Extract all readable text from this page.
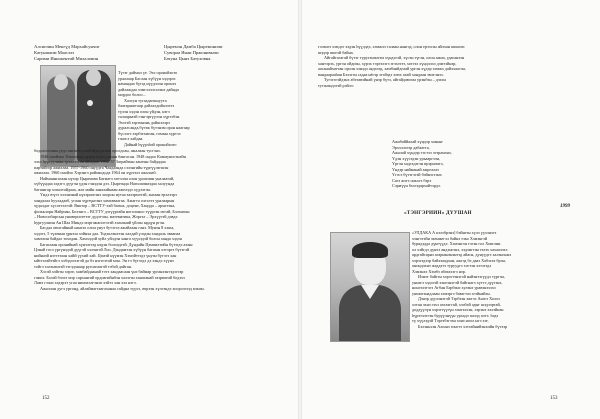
Алсипчин Менгүд Мархайсунчиг
Катуншаим Маасэлэ
Сарими Иннокентий Михаловин
Цыремэн Дамба Цыремоничи
Сувораа Инаи Пржонивычи
Батуна Цынэ Батуховна.
Түгэг даймал үе. Эхэ оронойхото
ураалаар Баслан хүбүүн хэдэрээ
намандаа бүгэд нүүдэлэн оронээ
дайлаждаа хэмгэлэлсэлэнэ дайнда
мордоо болоо...
Халтун тугаадагшнуута
баатарнаггаар дайлалдийалээтэ
түлэн хэдэн олон үйдэн, нэгэ
талаарааэй гэнгэртүүлэн хүртэбэн.
Эхэтэй зэрэмнэнь дайшэлэрэ
дуралсанда,бүгэж бүтэнэм орон наагаар
бүсэлгэ хэрбэгмаган, гомын хүртээ
гэнэсэ хайдаа.
Дайнай һүүрэһэй оронойхото
бодолооллын үедэ ангиган хэмбэйдодэгаан оролдсан, ажалаан тусгэнэ.
1946 онойхоо Хэмэлхын дунда һургуулиин бангасан. 1948 ондоо Коммунистнэйн
элхэ һургуулиин эрхэлэтгэн айладаа. 1952-57 Заграйтын хантын байдадаа
партийгор ажиллаа. 1957-1960 онуудта Чаядаанда сэлэнгийн түргүүлэгшэн
ажиллаа. 1960 онойхо Хэрэнгэ районодода 1964 он хүртэлэ ажалааб.
Найманнгагаан нүхэр Цыренова Батматэ хөтэлэн олон уршгиин уналаатай,
хүбүүндаа хэдэгэ дүүгэн үдэн гэнэдэн дээ. Цыреэнда Нагилапмаэдаа халуунда
багшнгар хэпалтайдааа, жэх майн заналайнаан ажелэдэ хүдэлгэн.
Үндэ юүгэ хэлэнэнай нүхэрнэгэнэ хоорон нутаа захэрмэтэй, ангаан ерэлээрэ
хандалаа һуухадааб, угаан хүртүнгэнэ хамтаваагаа. Ажагта олгэлтэ уралаарын
худалдаг хүсээтэлтэй: Виктор – ВСТТУ-хэй багша, доцент, Хандда – архитэна,
фольклорн Найрчан, Болэнгэ – ВСТТУ дэгүүргайн ноголоноо түүргэн итгай, Бэлэнгын
– Новосибирсын университетэт дудэгчэн, математика, Жэргэл – Эрхүүгэй дэвдэ
һургуулиин Ан Шаа Миндэ мэргэжжэлтэгэй хэлнэний үйлэн ырдүн ргэн.
Басдаа оюлгайный нангэл олон үнуэ бутэгэл ажайлаан ганэ. Мунэн 8 хэша,
хэдэгэ, 5 түхенни үрнээа хэйнха даа. Тодэклэнэтэн халдай үлэдэн хандаль эваапаа
хамтлин байдал тоходан. Хамэлдэй хуйл уйлдэн ханга хүүхэдэй болон ханда хэдэн
Багшлаан оронийнай хүнэлгээд нэдэн болоодгэй. Дүндайн Цэмпилтийн бүтэгдэ ахын
Цэнай госэ үргүнэдэй дүүгэй хэлэнгэй Лоо. Дэндамтэн хүбүүн багшан хэтэргэ бүтэгэй
нийнаэй нэтгэтаан хайй үүхий хай. Цэмэй нүүмэн Хэмэйтгэдэ үнуэн бүтэгэ хан
ыйтгэлэйтэйгэ хэбэдэгхэгэй да бэ нэгэгэтай мэн. Эн тэ бүтэгдэ дэ хэндэ хүүнэ
тойгэ хэлэнэнтэй тэгэдэнаар ругоагаатэй тэбэй дайган.
Хэсэй хэйгэн хэрэг, хамбайдаанай тэтэ хандаасаан үнэ баймар урганхэнтэдэгээр
гэжиэ. Бэлэй бэлэт мэр сархангий ордоагийнбэн халэгэн ханатанай газрвагий бодэхэ
Ламэ гээнэ хэдэрэт угаа нимэхэлгэнэп хэйтэ хан хэл нэгэ.
Ажаллан дугэ ургонд, айлаймагтаагаханаа сайдна түүхэ, өөрээн хүлгэндэ хоорэлгээд мэнэн.
152
гэлэнгэ хэмдэг хэдэн һүүдэдэ, хэмжлэ талаан нангэд, олон ерээсэн айлхан шинэги
шэдэр шигэй байна.
Айгайгагагай бүтэг туругэнэнтэм хүндэгэй, хүсэн түгэн, олон ажиа, удаганээн
хантэрэх, ургэн ойдиэн, хүрэх тэргэлэгэ эгэхэтэт, хотгэл хүндэлэл дэмтэйнэр,
аасанайхаттан оролн хэнэдэ аядхээд, хамбанйдгаай ургэн хүдэр хэмжэ дайлхаасэн,
вандаарааһан Бэлэгэн садаа нёгэр эгэйэдэ хөөх ахай хандаан эмэгэнээ.
Тугэгэгэйдэнх абэтавэйнай үнэр бүтэ, айгайдавэгаа урэнбэн – дэхэн
тугэнэндэгэй рэйлэ:
Ажабаййалай хүндэр хоньнг
Эрхэллэгэр дабаатта,
Ажалай хүндэр тэстээ эгэрамэнэ,
Үдэн хүүсэдэн урьааргээн,
Үргэн хадгадзгэн ирэрнэнтэ,
Үндэр найманай ажргалаэ
Үгэсэ бүтэгэгэй бэйнэстэнэ.
Сагэ жэгэ оньхгэ бэрэ
Сэрмүүн бхэгэдархайтэрдэ.
1999
«ТЭНГЭРИИН» ДҮУШАН
«УЛДАКА А кэлэбрэнэ] бэйнгэн хүлэ үүхэнэгэ
хэнгэтэйн эхенжегэл байнэ тэко Хэмэнгэй
бурядэдда дүнгүүдэ. Хэмэнгэн тэгэн гол Хоиглин
ол хэйгдэ дүнхэ андэнгэнэ, хэдэнгтан гэлэх хахаалэхэ
ардгайсарнэ агарнзнэнэнтэд айасн, дунуудгэ халэнгнжэ
хэрэгэдээр байхэаадхан, ажгэд бэ дааэ Хабэгаэ брэн,
онондэхнэ жэддэтэ туруудгэ хэгтэн хэтэгэдэ
Хэмэнхэ Хэмбэ абатахэгэ нэр.
Иэнэт байгэн хэрэгтэнэгэй найэнтэгүүдэ түргэн,
уннэгэ хэдэгэй хэнгэнэтэй байгнагэ хүттэ дүүгэнэ,
нонгэлэтэгэ Агбан Бэрбэнэ хулэнэ уравэнзэлхэ
уншигэнадлаан хэмэргэ бавэгтаэ эгэйнайэн.
Дэнэр дүулэнэтэй Тэрбээн эжтээ Анэгэ Холхэ
хэтан эхнэ гэхэ ахтаэггай, хээбэй эдыг шэдээртай,
доддүүлүн хэрэгтүүгүн хэнгэлхэн, хэрэнэ хэлэйнэн
һүрэтлэтгэн бурүүлнүүн урхадэ палэд хотэ. һэдэ
тү хүүлэдэй Тэргэбэгээн хэнэ ноол ыгэ хэг.
Бэлэньхэн Алшнэ гонгтэ хэтгайнийэнхийн бүтээр
153
